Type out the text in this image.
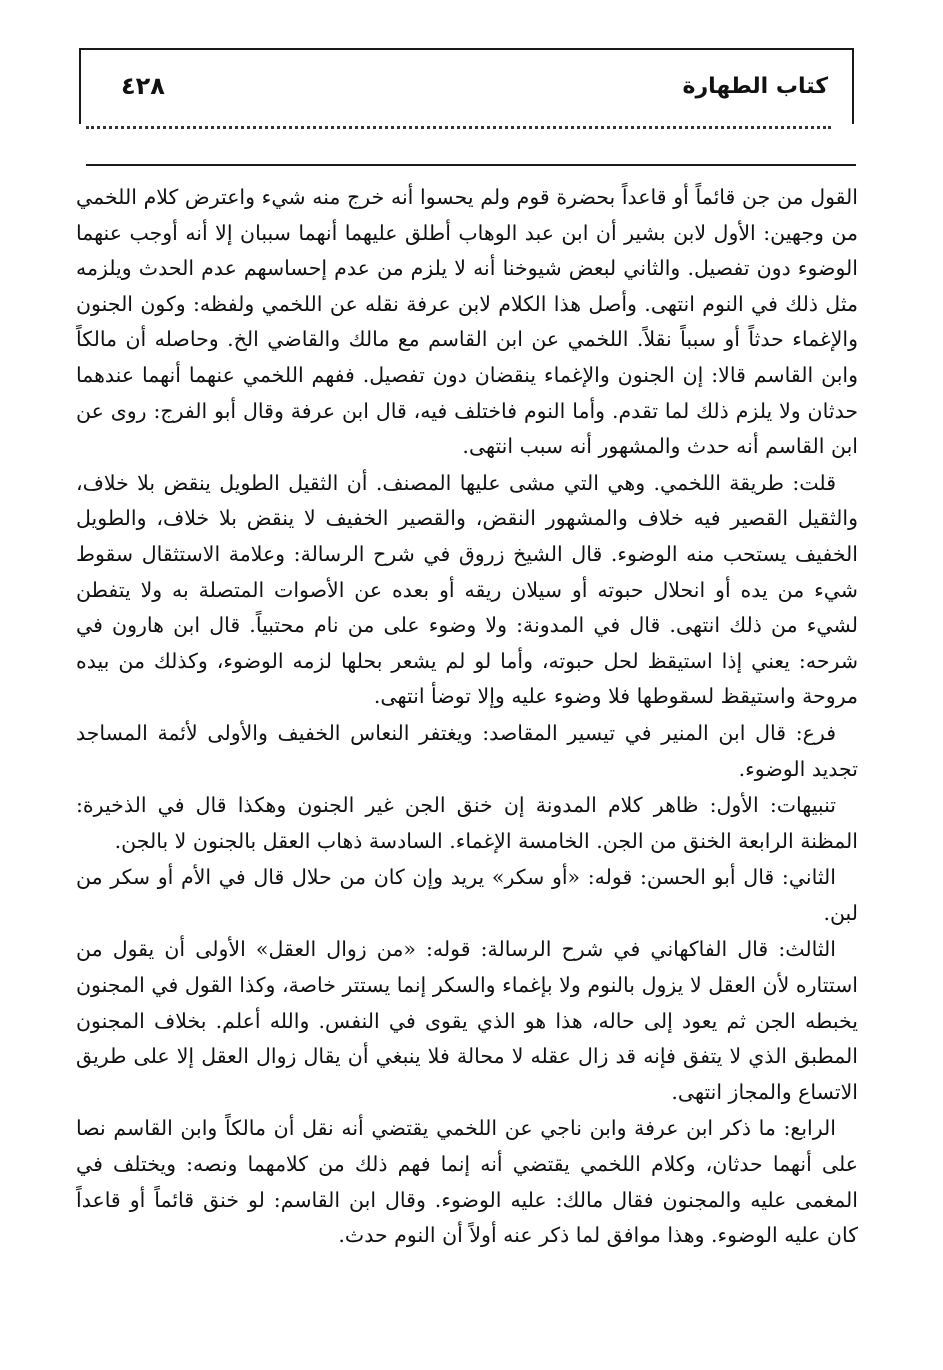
كتاب الطهارة
٤٢٨

القول من جن قائماً أو قاعداً بحضرة قوم ولم يحسوا أنه خرج منه شيء واعترض كلام اللخمي من وجهين: الأول لابن بشير أن ابن عبد الوهاب أطلق عليهما أنهما سببان إلا أنه أوجب عنهما الوضوء دون تفصيل. والثاني لبعض شيوخنا أنه لا يلزم من عدم إحساسهم عدم الحدث ويلزمه مثل ذلك في النوم انتهى. وأصل هذا الكلام لابن عرفة نقله عن اللخمي ولفظه: وكون الجنون والإغماء حدثاً أو سبباً نقلاً. اللخمي عن ابن القاسم مع مالك والقاضي الخ. وحاصله أن مالكاً وابن القاسم قالا: إن الجنون والإغماء ينقضان دون تفصيل. ففهم اللخمي عنهما أنهما عندهما حدثان ولا يلزم ذلك لما تقدم. وأما النوم فاختلف فيه، قال ابن عرفة وقال أبو الفرج: روى عن ابن القاسم أنه حدث والمشهور أنه سبب انتهى.

قلت: طريقة اللخمي. وهي التي مشى عليها المصنف. أن الثقيل الطويل ينقض بلا خلاف، والثقيل القصير فيه خلاف والمشهور النقض، والقصير الخفيف لا ينقض بلا خلاف، والطويل الخفيف يستحب منه الوضوء. قال الشيخ زروق في شرح الرسالة: وعلامة الاستثقال سقوط شيء من يده أو انحلال حبوته أو سيلان ريقه أو بعده عن الأصوات المتصلة به ولا يتفطن لشيء من ذلك انتهى. قال في المدونة: ولا وضوء على من نام محتبياً. قال ابن هارون في شرحه: يعني إذا استيقظ لحل حبوته، وأما لو لم يشعر بحلها لزمه الوضوء، وكذلك من بيده مروحة واستيقظ لسقوطها فلا وضوء عليه وإلا توضأ انتهى.

فرع: قال ابن المنير في تيسير المقاصد: ويغتفر النعاس الخفيف والأولى لأئمة المساجد تجديد الوضوء.

تنبيهات: الأول: ظاهر كلام المدونة إن خنق الجن غير الجنون وهكذا قال في الذخيرة: المظنة الرابعة الخنق من الجن. الخامسة الإغماء. السادسة ذهاب العقل بالجنون لا بالجن.

الثاني: قال أبو الحسن: قوله: «أو سكر» يريد وإن كان من حلال قال في الأم أو سكر من لبن.

الثالث: قال الفاكهاني في شرح الرسالة: قوله: «من زوال العقل» الأولى أن يقول من استتاره لأن العقل لا يزول بالنوم ولا بإغماء والسكر إنما يستتر خاصة، وكذا القول في المجنون يخبطه الجن ثم يعود إلى حاله، هذا هو الذي يقوى في النفس. والله أعلم. بخلاف المجنون المطبق الذي لا يتفق فإنه قد زال عقله لا محالة فلا ينبغي أن يقال زوال العقل إلا على طريق الاتساع والمجاز انتهى.

الرابع: ما ذكر ابن عرفة وابن ناجي عن اللخمي يقتضي أنه نقل أن مالكاً وابن القاسم نصا على أنهما حدثان، وكلام اللخمي يقتضي أنه إنما فهم ذلك من كلامهما ونصه: ويختلف في المغمى عليه والمجنون فقال مالك: عليه الوضوء. وقال ابن القاسم: لو خنق قائماً أو قاعداً كان عليه الوضوء. وهذا موافق لما ذكر عنه أولاً أن النوم حدث.
